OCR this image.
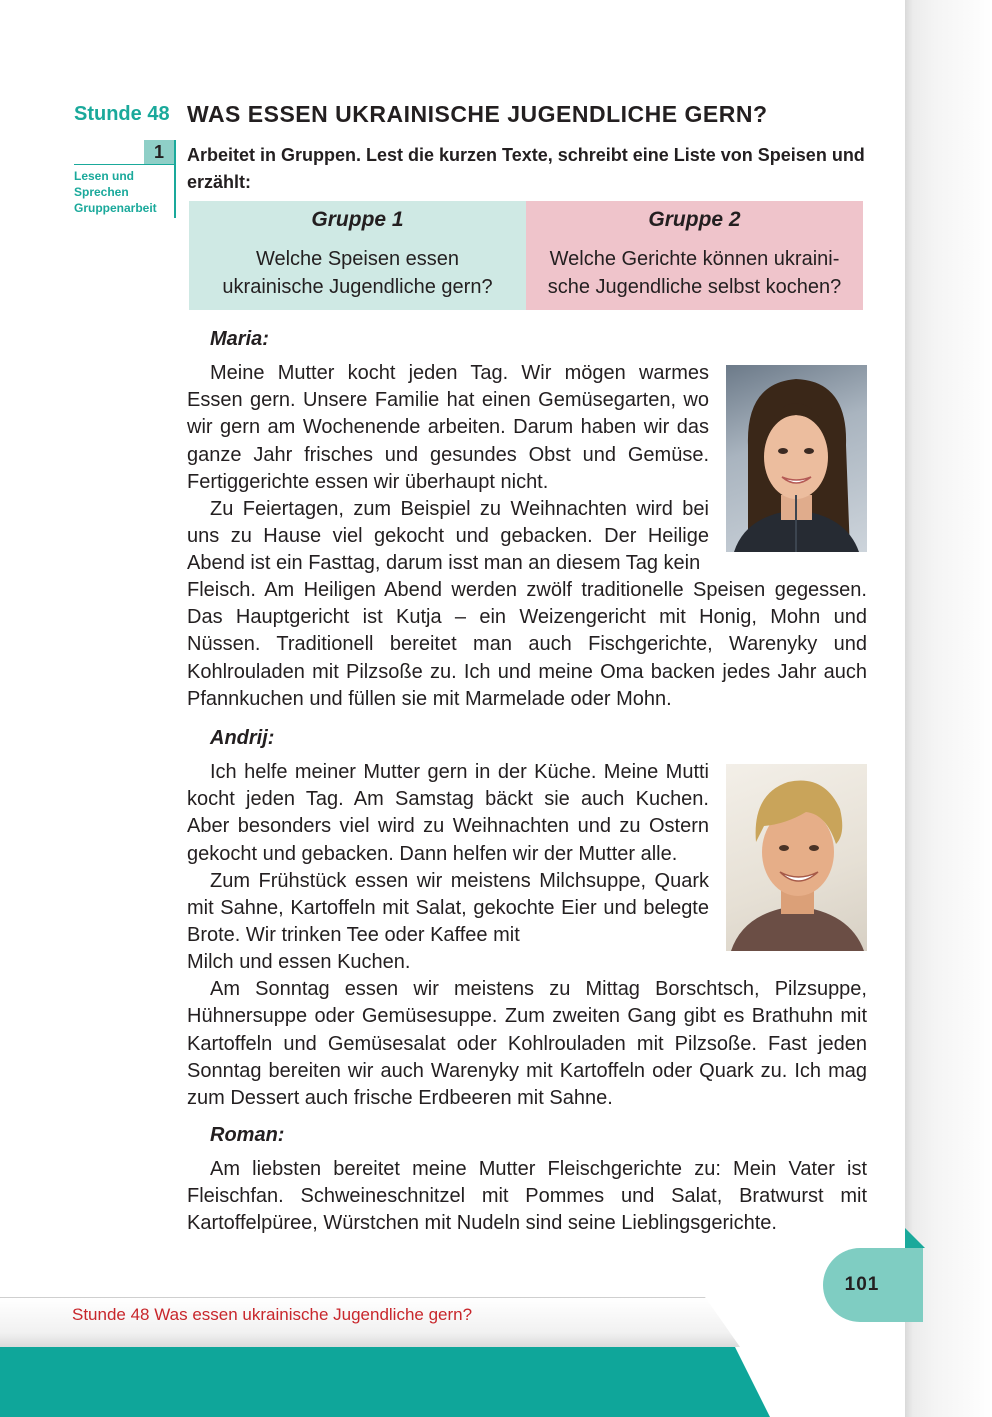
Stunde 48 WAS ESSEN UKRAINISCHE JUGENDLICHE GERN?
1
Lesen und
Sprechen
Gruppenarbeit
Arbeitet in Gruppen. Lest die kurzen Texte, schreibt eine Liste von Speisen und erzählt:
Gruppe 1
Welche Speisen essen
ukrainische Jugendliche gern?
Gruppe 2
Welche Gerichte können ukraini-
sche Jugendliche selbst kochen?
Maria:

Meine Mutter kocht jeden Tag. Wir mögen warmes Essen gern. Unsere Familie hat einen Gemüsegarten, wo wir gern am Wochenende arbeiten. Darum haben wir das ganze Jahr frisches und gesundes Obst und Gemüse. Fertiggerichte essen wir überhaupt nicht.

Zu Feiertagen, zum Beispiel zu Weihnachten wird bei uns zu Hause viel gekocht und gebacken. Der Heilige Abend ist ein Fasttag, darum isst man an diesem Tag kein

Fleisch. Am Heiligen Abend werden zwölf traditionelle Speisen gegessen. Das Hauptgericht ist Kutja – ein Weizengericht mit Honig, Mohn und Nüssen. Traditionell bereitet man auch Fischgerichte, Warenyky und Kohlrouladen mit Pilzsoße zu. Ich und meine Oma backen jedes Jahr auch Pfannkuchen und füllen sie mit Marmelade oder Mohn.

Andrij:

Ich helfe meiner Mutter gern in der Küche. Meine Mutti kocht jeden Tag. Am Samstag bäckt sie auch Kuchen. Aber besonders viel wird zu Weihnachten und zu Ostern gekocht und gebacken. Dann helfen wir der Mutter alle.

Zum Frühstück essen wir meistens Milchsuppe, Quark mit Sahne, Kartoffeln mit Salat, gekochte Eier und belegte Brote. Wir trinken Tee oder Kaffee mit

Milch und essen Kuchen.

Am Sonntag essen wir meistens zu Mittag Borschtsch, Pilzsuppe, Hühnersuppe oder Gemüsesuppe. Zum zweiten Gang gibt es Brathuhn mit Kartoffeln und Gemüsesalat oder Kohlrouladen mit Pilzsoße. Fast jeden Sonntag bereiten wir auch Warenyky mit Kartoffeln oder Quark zu. Ich mag zum Dessert auch frische Erdbeeren mit Sahne.

Roman:

Am liebsten bereitet meine Mutter Fleischgerichte zu: Mein Vater ist Fleischfan. Schweineschnitzel mit Pommes und Salat, Bratwurst mit Kartoffelpüree, Würstchen mit Nudeln sind seine Lieblingsgerichte.

101
Stunde 48 Was essen ukrainische Jugendliche gern?
